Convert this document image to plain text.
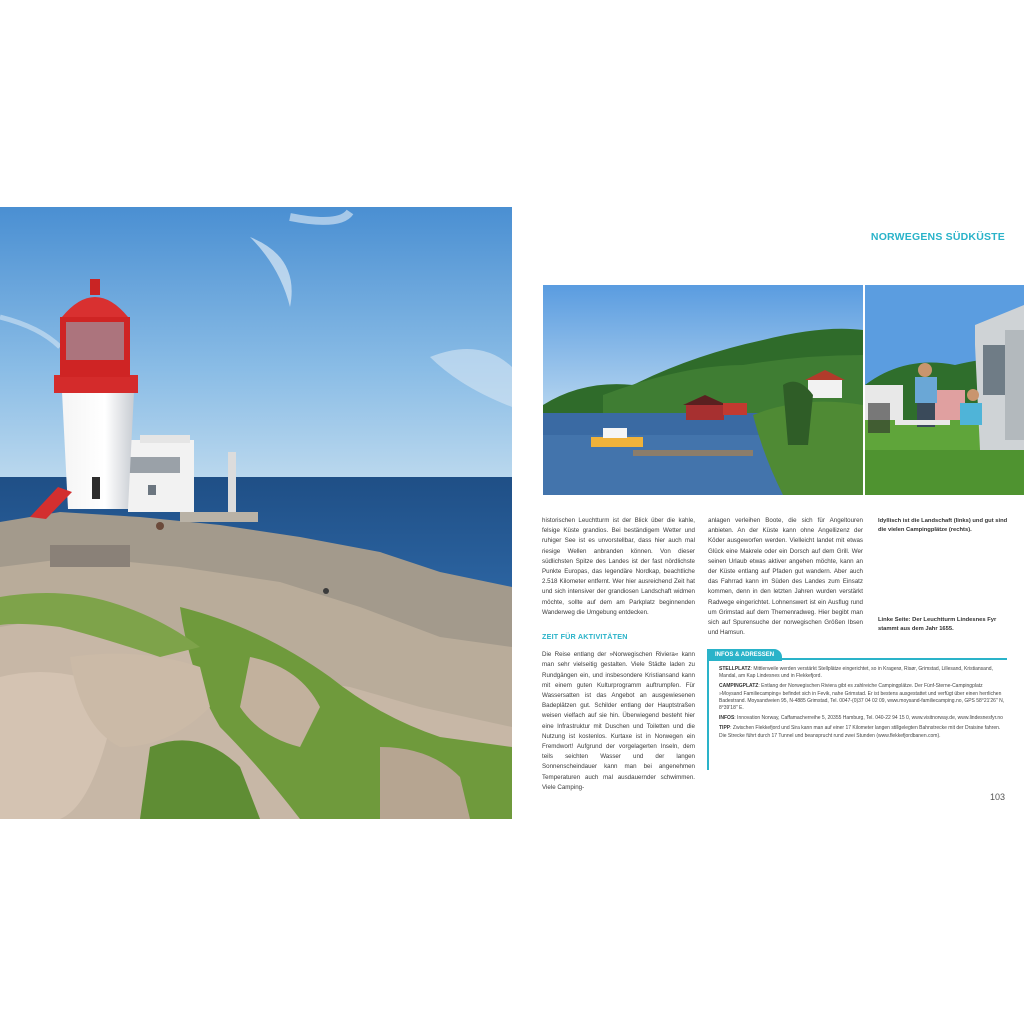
NORWEGENS SÜDKÜSTE

historischen Leuchtturm ist der Blick über die kahle, felsige Küste grandios. Bei beständigem Wetter und ruhiger See ist es unvorstellbar, dass hier auch mal riesige Wellen anbranden können. Von dieser südlichsten Spitze des Landes ist der fast nördlichste Punkte Europas, das legendäre Nordkap, beachtliche 2.518 Kilometer entfernt. Wer hier ausreichend Zeit hat und sich intensiver der grandiosen Landschaft widmen möchte, sollte auf dem am Parkplatz beginnenden Wanderweg die Umgebung entdecken.

ZEIT FÜR AKTIVITÄTEN

Die Reise entlang der »Norwegischen Riviera« kann man sehr vielseitig gestalten. Viele Städte laden zu Rundgängen ein, und insbesondere Kristiansand kann mit einem guten Kulturprogramm auftrumpfen. Für Wassersatten ist das Angebot an ausgewiesenen Badeplätzen gut. Schilder entlang der Hauptstraßen weisen vielfach auf sie hin. Überwiegend besteht hier eine Infrastruktur mit Duschen und Toiletten und die Nutzung ist kostenlos. Kurtaxe ist in Norwegen ein Fremdwort! Aufgrund der vorgelagerten Inseln, dem teils seichten Wasser und der langen Sonnenscheindauer kann man bei angenehmen Temperaturen auch mal ausdauernder schwimmen. Viele Camping-

anlagen verleihen Boote, die sich für Angeltouren anbieten. An der Küste kann ohne Angellizenz der Köder ausgeworfen werden. Vielleicht landet mit etwas Glück eine Makrele oder ein Dorsch auf dem Grill. Wer seinen Urlaub etwas aktiver angehen möchte, kann an der Küste entlang auf Pfaden gut wandern. Aber auch das Fahrrad kann im Süden des Landes zum Einsatz kommen, denn in den letzten Jahren wurden verstärkt Radwege eingerichtet. Lohnenswert ist ein Ausflug rund um Grimstad auf dem Themenradweg. Hier begibt man sich auf Spurensuche der norwegischen Größen Ibsen und Hamsun.

Idyllisch ist die Landschaft (links) und gut sind die vielen Campingplätze (rechts).
Linke Seite: Der Leuchtturm Lindesnes Fyr stammt aus dem Jahr 1655.
INFOS & ADRESSEN

STELLPLATZ: Mittlerweile werden verstärkt Stellplätze eingerichtet, so in Kragerø, Risør, Grimstad, Lillesand, Kristiansand, Mandal, am Kap Lindesnes und in Flekkefjord.

CAMPINGPLATZ: Entlang der Norwegischen Riviera gibt es zahlreiche Campingplätze. Der Fünf-Sterne-Campingplatz »Moysand Familiecamping« befindet sich in Fevik, nahe Grimstad. Er ist bestens ausgestattet und verfügt über einen herrlichen Badestrand. Moysandveien 95, N-4885 Grimstad, Tel. 0047-(0)37 04 02 09, www.moysand-familiecamping.no, GPS 58°21'26" N, 8°39'18" E.

INFOS: Innovation Norway, Caffamacherreihe 5, 20355 Hamburg, Tel. 040-22 94 15 0, www.visitnorway.de, www.lindesnesfyr.no

TIPP: Zwischen Flekkefjord und Sira kann man auf einer 17 Kilometer langen stillgelegten Bahnstrecke mit der Draisine fahren. Die Strecke führt durch 17 Tunnel und beansprucht rund zwei Stunden (www.flekkefjordbanen.com).

103
